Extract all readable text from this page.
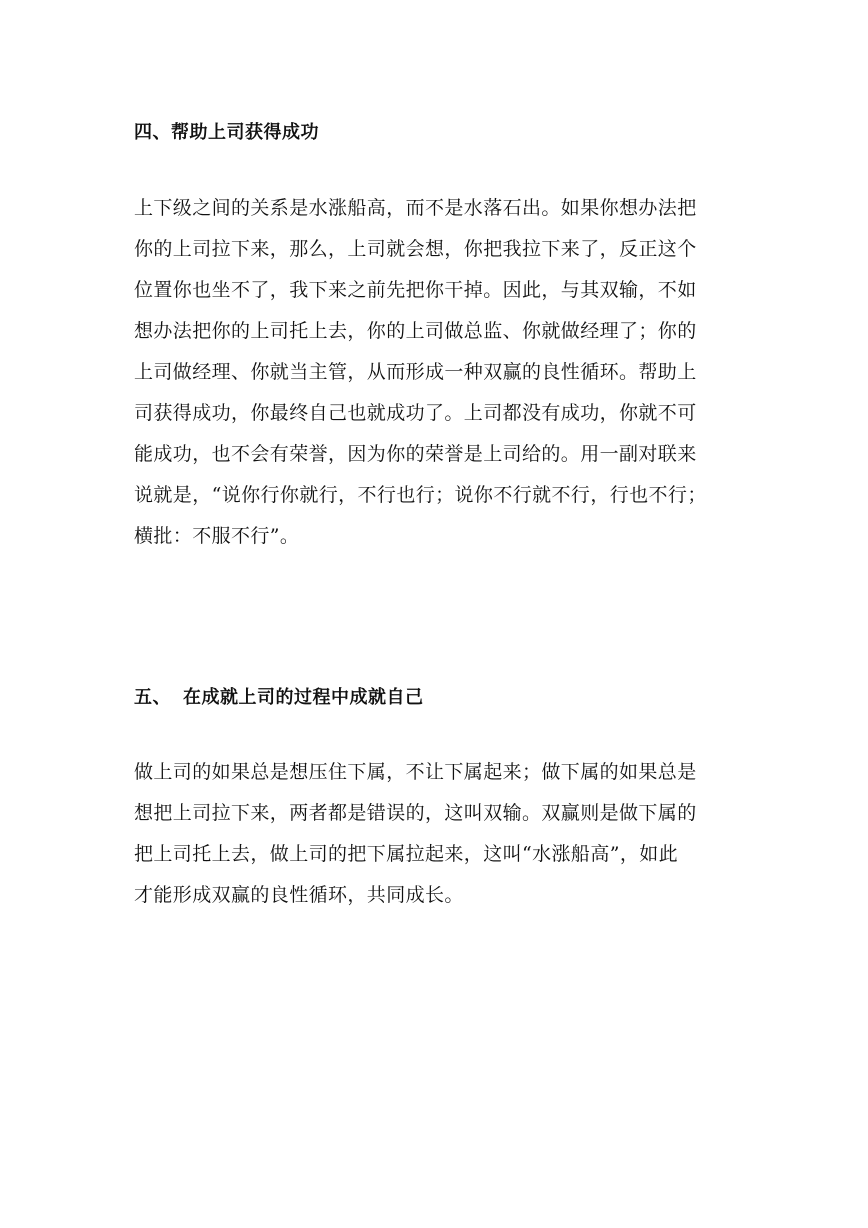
四、帮助上司获得成功
上下级之间的关系是水涨船高，而不是水落石出。如果你想办法把
你的上司拉下来，那么，上司就会想，你把我拉下来了，反正这个
位置你也坐不了，我下来之前先把你干掉。因此，与其双输，不如
想办法把你的上司托上去，你的上司做总监、你就做经理了；你的
上司做经理、你就当主管，从而形成一种双赢的良性循环。帮助上
司获得成功，你最终自己也就成功了。上司都没有成功，你就不可
能成功，也不会有荣誉，因为你的荣誉是上司给的。用一副对联来
说就是，“说你行你就行，不行也行；说你不行就不行，行也不行；
横批：不服不行”。
五、 在成就上司的过程中成就自己
做上司的如果总是想压住下属，不让下属起来；做下属的如果总是
想把上司拉下来，两者都是错误的，这叫双输。双赢则是做下属的
把上司托上去，做上司的把下属拉起来，这叫“水涨船高”，如此
才能形成双赢的良性循环，共同成长。
